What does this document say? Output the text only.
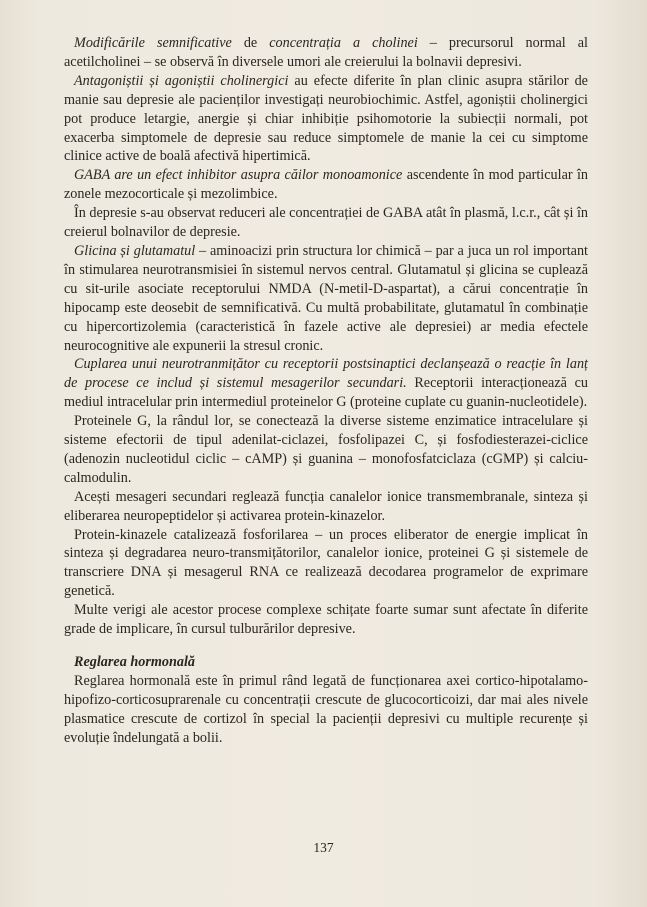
Modificările semnificative de concentrația a cholinei – precursorul normal al acetilcholinei – se observă în diversele umori ale creierului la bolnavii depresivi.

Antagoniștii și agoniștii cholinergici au efecte diferite în plan clinic asupra stărilor de manie sau depresie ale pacienților investigați neurobiochimic. Astfel, agoniștii cholinergici pot produce letargie, anergie și chiar inhibiție psihomotorie la subiecții normali, pot exacerba simptomele de depresie sau reduce simptomele de manie la cei cu simptome clinice active de boală afectivă hipertimică.

GABA are un efect inhibitor asupra căilor monoamonice ascendente în mod particular în zonele mezocorticale și mezolimbice.

În depresie s-au observat reduceri ale concentrației de GABA atât în plasmă, l.c.r., cât și în creierul bolnavilor de depresie.

Glicina și glutamatul – aminoacizi prin structura lor chimică – par a juca un rol important în stimularea neurotransmisiei în sistemul nervos central. Glutamatul și glicina se cuplează cu sit-urile asociate receptorului NMDA (N-metil-D-aspartat), a cărui concentrație în hipocamp este deosebit de semnificativă. Cu multă probabilitate, glutamatul în combinație cu hipercortizolemia (caracteristică în fazele active ale depresiei) ar media efectele neurocognitive ale expunerii la stresul cronic.

Cuplarea unui neurotranmițător cu receptorii postsinaptici declanșează o reacție în lanț de procese ce includ și sistemul mesagerilor secundari. Receptorii interacționează cu mediul intracelular prin intermediul proteinelor G (proteine cuplate cu guanin-nucleotidele).

Proteinele G, la rândul lor, se conectează la diverse sisteme enzimatice intracelulare și sisteme efectorii de tipul adenilat-ciclazei, fosfolipazei C, și fosfodiesterazei-ciclice (adenozin nucleotidul ciclic – cAMP) și guanina – monofosfatciclaza (cGMP) și calciu-calmodulin.

Acești mesageri secundari reglează funcția canalelor ionice transmembranale, sinteza și eliberarea neuropeptidelor și activarea protein-kinazelor.

Protein-kinazele catalizează fosforilarea – un proces eliberator de energie implicat în sinteza și degradarea neuro-transmițătorilor, canalelor ionice, proteinei G și sistemele de transcriere DNA și mesagerul RNA ce realizează decodarea programelor de exprimare genetică.

Multe verigi ale acestor procese complexe schițate foarte sumar sunt afectate în diferite grade de implicare, în cursul tulburărilor depresive.

Reglarea hormonală

Reglarea hormonală este în primul rând legată de funcționarea axei cortico-hipotalamo-hipofizo-corticosuprarenale cu concentrații crescute de glucocorticoizi, dar mai ales nivele plasmatice crescute de cortizol în special la pacienții depresivi cu multiple recurențe și evoluție îndelungată a bolii.

137
